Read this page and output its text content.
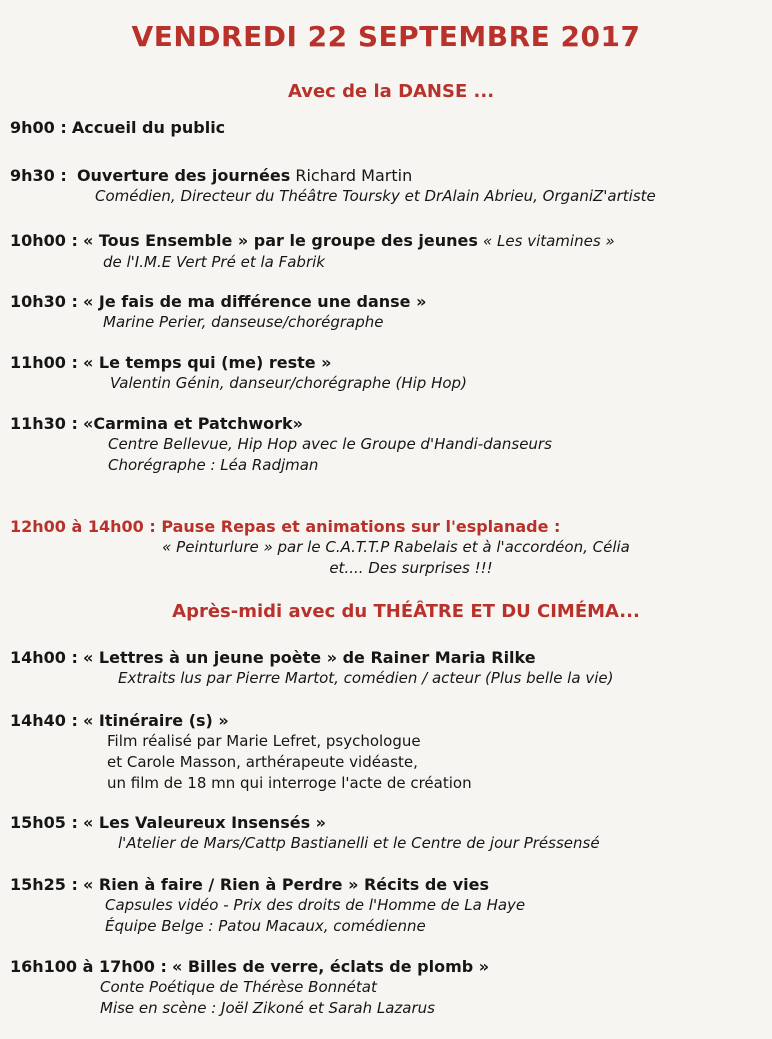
VENDREDI 22 SEPTEMBRE 2017
Avec de la DANSE ...
9h00 : Accueil du public
9h30 : Ouverture des journées Richard Martin
Comédien, Directeur du Théâtre Toursky et DrAlain Abrieu, OrganiZ'artiste
10h00 : « Tous Ensemble » par le groupe des jeunes « Les vitamines »
de l'I.M.E Vert Pré et la Fabrik
10h30 : « Je fais de ma différence une danse »
Marine Perier, danseuse/chorégraphe
11h00 : « Le temps qui (me) reste »
Valentin Génin, danseur/chorégraphe (Hip Hop)
11h30 : «Carmina et Patchwork»
Centre Bellevue, Hip Hop avec le Groupe d'Handi-danseurs
Chorégraphe : Léa Radjman
12h00 à 14h00 : Pause Repas et animations sur l'esplanade :
« Peinturlure » par le C.A.T.T.P Rabelais et à l'accordéon, Célia
et.... Des surprises !!!
Après-midi avec du THÉÂTRE ET DU CIMÉMA...
14h00 : « Lettres à un jeune poète » de Rainer Maria Rilke
Extraits lus par Pierre Martot, comédien / acteur (Plus belle la vie)
14h40 : « Itinéraire (s) »
Film réalisé par Marie Lefret, psychologue
et Carole Masson, arthérapeute vidéaste,
un film de 18 mn qui interroge l'acte de création
15h05 : « Les Valeureux Insensés »
l'Atelier de Mars/Cattp Bastianelli et le Centre de jour Préssensé
15h25 : « Rien à faire / Rien à Perdre » Récits de vies
Capsules vidéo - Prix des droits de l'Homme de La Haye
Équipe Belge : Patou Macaux, comédienne
16h100 à 17h00 : « Billes de verre, éclats de plomb »
Conte Poétique de Thérèse Bonnétat
Mise en scène : Joël Zikoné et Sarah Lazarus
